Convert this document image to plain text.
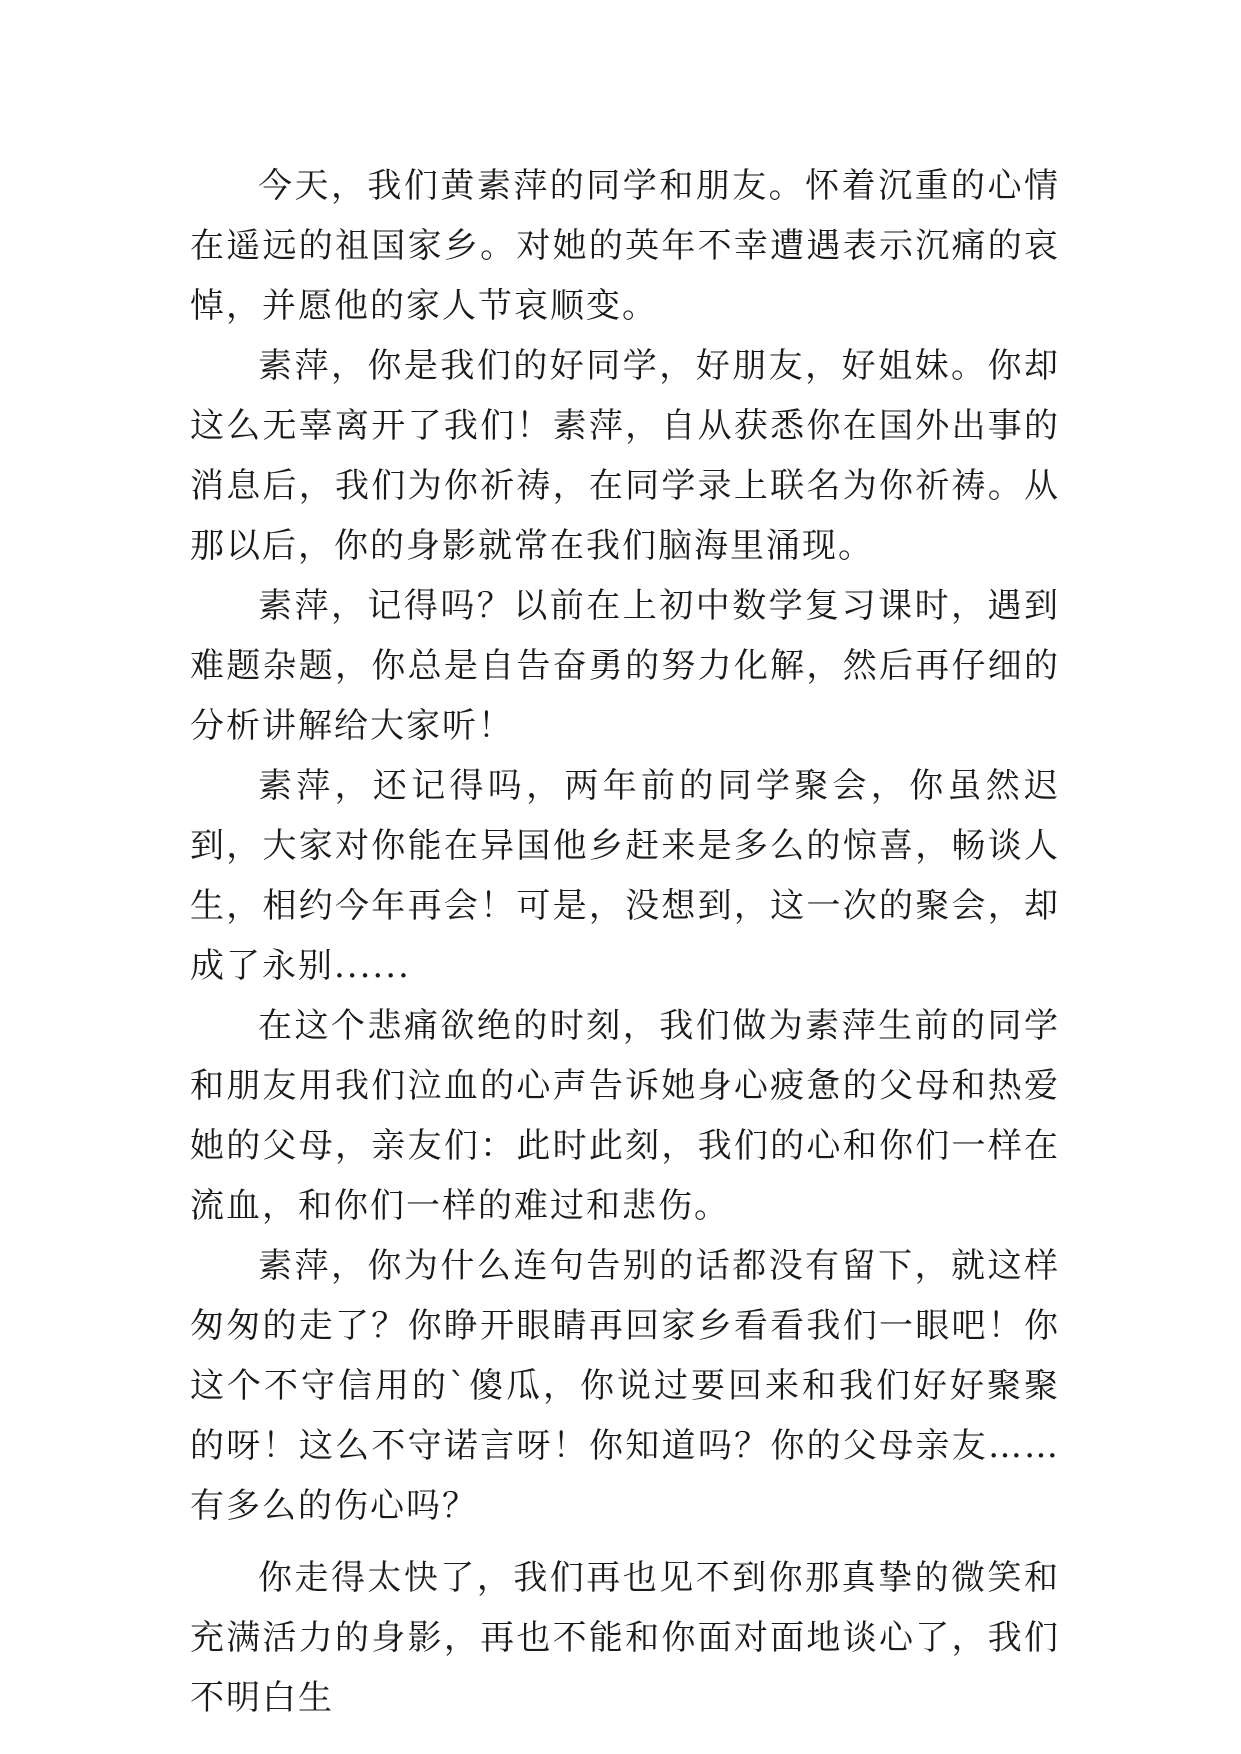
今天，我们黄素萍的同学和朋友。怀着沉重的心情在遥远的祖国家乡。对她的英年不幸遭遇表示沉痛的哀悼，并愿他的家人节哀顺变。

素萍，你是我们的好同学，好朋友，好姐妹。你却这么无辜离开了我们！素萍，自从获悉你在国外出事的消息后，我们为你祈祷，在同学录上联名为你祈祷。从那以后，你的身影就常在我们脑海里涌现。

素萍，记得吗？以前在上初中数学复习课时，遇到难题杂题，你总是自告奋勇的努力化解，然后再仔细的分析讲解给大家听！

素萍，还记得吗，两年前的同学聚会，你虽然迟到，大家对你能在异国他乡赶来是多么的惊喜，畅谈人生，相约今年再会！可是，没想到，这一次的聚会，却成了永别......

在这个悲痛欲绝的时刻，我们做为素萍生前的同学和朋友用我们泣血的心声告诉她身心疲惫的父母和热爱她的父母，亲友们：此时此刻，我们的心和你们一样在流血，和你们一样的难过和悲伤。

素萍，你为什么连句告别的话都没有留下，就这样匆匆的走了？你睁开眼睛再回家乡看看我们一眼吧！你这个不守信用的`傻瓜，你说过要回来和我们好好聚聚的呀！这么不守诺言呀！你知道吗？你的父母亲友……有多么的伤心吗？

你走得太快了，我们再也见不到你那真挚的微笑和充满活力的身影，再也不能和你面对面地谈心了，我们不明白生
